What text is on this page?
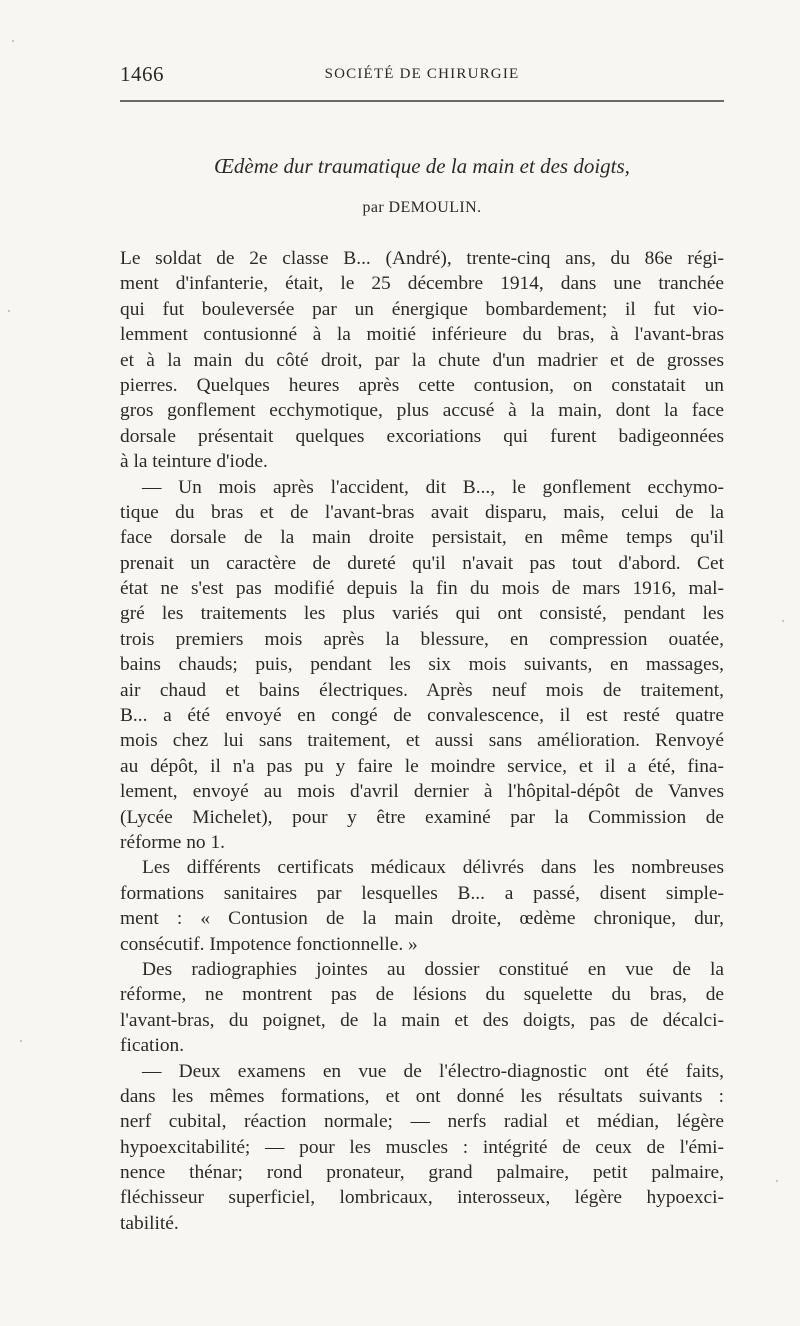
1466	SOCIÉTÉ DE CHIRURGIE
Œdème dur traumatique de la main et des doigts,
par DEMOULIN.
Le soldat de 2e classe B... (André), trente-cinq ans, du 86e régi-
ment d'infanterie, était, le 25 décembre 1914, dans une tranchée
qui fut bouleversée par un énergique bombardement; il fut vio-
lemment contusionné à la moitié inférieure du bras, à l'avant-bras
et à la main du côté droit, par la chute d'un madrier et de grosses
pierres. Quelques heures après cette contusion, on constatait un
gros gonflement ecchymotique, plus accusé à la main, dont la face
dorsale présentait quelques excoriations qui furent badigeonnées
à la teinture d'iode.
— Un mois après l'accident, dit B..., le gonflement ecchymo-
tique du bras et de l'avant-bras avait disparu, mais, celui de la
face dorsale de la main droite persistait, en même temps qu'il
prenait un caractère de dureté qu'il n'avait pas tout d'abord. Cet
état ne s'est pas modifié depuis la fin du mois de mars 1916, mal-
gré les traitements les plus variés qui ont consisté, pendant les
trois premiers mois après la blessure, en compression ouatée,
bains chauds; puis, pendant les six mois suivants, en massages,
air chaud et bains électriques. Après neuf mois de traitement,
B... a été envoyé en congé de convalescence, il est resté quatre
mois chez lui sans traitement, et aussi sans amélioration. Renvoyé
au dépôt, il n'a pas pu y faire le moindre service, et il a été, fina-
lement, envoyé au mois d'avril dernier à l'hôpital-dépôt de Vanves
(Lycée Michelet), pour y être examiné par la Commission de
réforme no 1.
Les différents certificats médicaux délivrés dans les nombreuses
formations sanitaires par lesquelles B... a passé, disent simple-
ment : « Contusion de la main droite, œdème chronique, dur,
consécutif. Impotence fonctionnelle. »
Des radiographies jointes au dossier constitué en vue de la
réforme, ne montrent pas de lésions du squelette du bras, de
l'avant-bras, du poignet, de la main et des doigts, pas de décalci-
fication.
— Deux examens en vue de l'électro-diagnostic ont été faits,
dans les mêmes formations, et ont donné les résultats suivants :
nerf cubital, réaction normale; — nerfs radial et médian, légère
hypoexcitabilité; — pour les muscles : intégrité de ceux de l'émi-
nence thénar; rond pronateur, grand palmaire, petit palmaire,
fléchisseur superficiel, lombricaux, interosseux, légère hypoexci-
tabilité.
